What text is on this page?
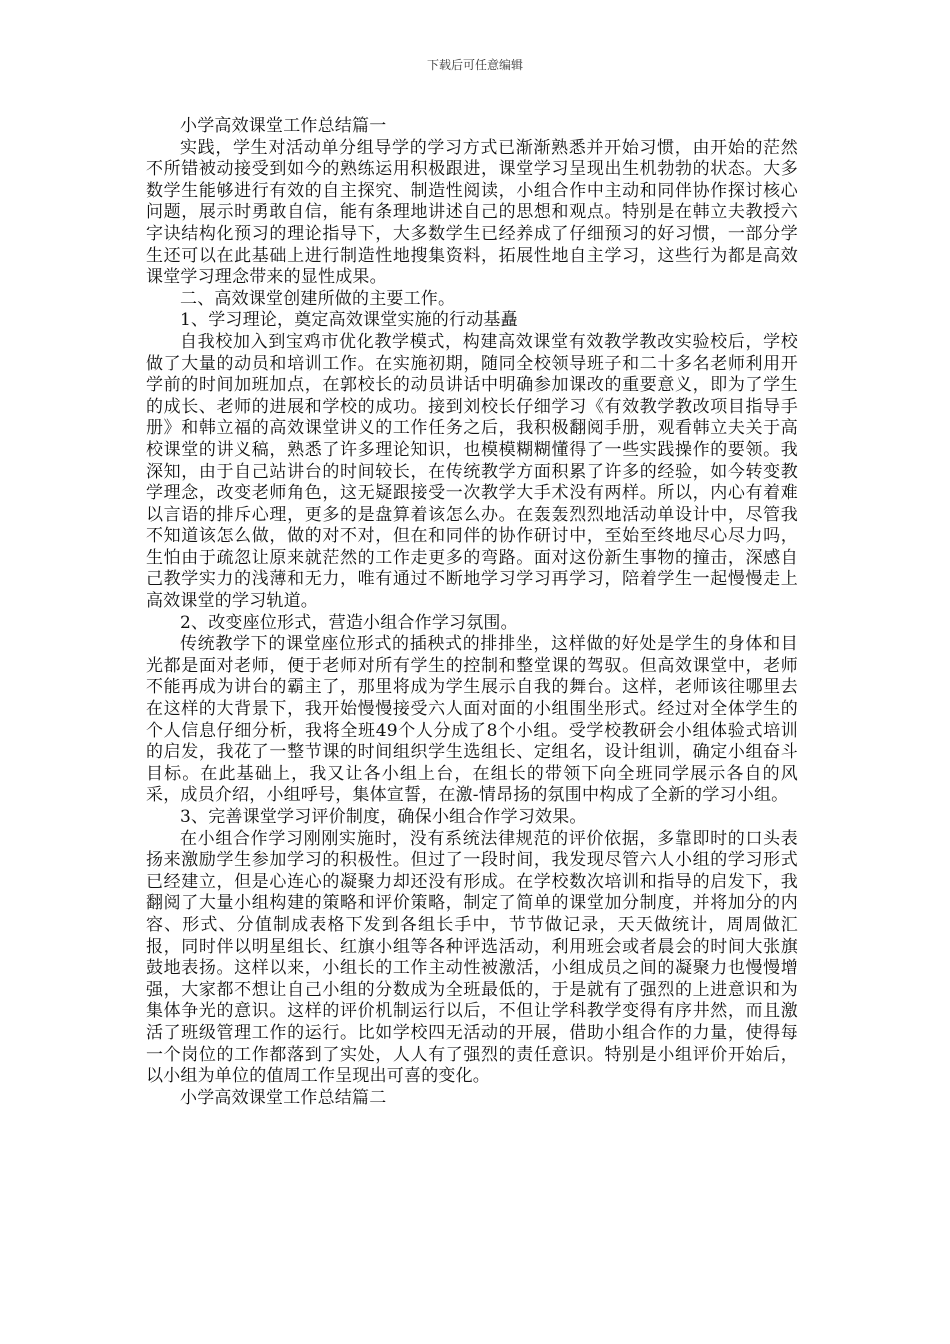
下载后可任意编辑

小学高效课堂工作总结篇一

实践，学生对活动单分组导学的学习方式已渐渐熟悉并开始习惯，由开始的茫然不所错被动接受到如今的熟练运用积极跟进，课堂学习呈现出生机勃勃的状态。大多数学生能够进行有效的自主探究、制造性阅读，小组合作中主动和同伴协作探讨核心问题，展示时勇敢自信，能有条理地讲述自己的思想和观点。特别是在韩立夫教授六字诀结构化预习的理论指导下，大多数学生已经养成了仔细预习的好习惯，一部分学生还可以在此基础上进行制造性地搜集资料，拓展性地自主学习，这些行为都是高效课堂学习理念带来的显性成果。

二、高效课堂创建所做的主要工作。

1、学习理论，奠定高效课堂实施的行动基矗

自我校加入到宝鸡市优化教学模式，构建高效课堂有效教学教改实验校后，学校做了大量的动员和培训工作。在实施初期，随同全校领导班子和二十多名老师利用开学前的时间加班加点，在郭校长的动员讲话中明确参加课改的重要意义，即为了学生的成长、老师的进展和学校的成功。接到刘校长仔细学习《有效教学教改项目指导手册》和韩立福的高效课堂讲义的工作任务之后，我积极翻阅手册，观看韩立夫关于高校课堂的讲义稿，熟悉了许多理论知识，也模模糊糊懂得了一些实践操作的要领。我深知，由于自己站讲台的时间较长，在传统教学方面积累了许多的经验，如今转变教学理念，改变老师角色，这无疑跟接受一次教学大手术没有两样。所以，内心有着难以言语的排斥心理，更多的是盘算着该怎么办。在轰轰烈烈地活动单设计中，尽管我不知道该怎么做，做的对不对，但在和同伴的协作研讨中，至始至终地尽心尽力吗，生怕由于疏忽让原来就茫然的工作走更多的弯路。面对这份新生事物的撞击，深感自己教学实力的浅薄和无力，唯有通过不断地学习学习再学习，陪着学生一起慢慢走上高效课堂的学习轨道。

2、改变座位形式，营造小组合作学习氛围。

传统教学下的课堂座位形式的插秧式的排排坐，这样做的好处是学生的身体和目光都是面对老师，便于老师对所有学生的控制和整堂课的驾驭。但高效课堂中，老师不能再成为讲台的霸主了，那里将成为学生展示自我的舞台。这样，老师该往哪里去在这样的大背景下，我开始慢慢接受六人面对面的小组围坐形式。经过对全体学生的个人信息仔细分析，我将全班49个人分成了8个小组。受学校教研会小组体验式培训的启发，我花了一整节课的时间组织学生选组长、定组名，设计组训，确定小组奋斗目标。在此基础上，我又让各小组上台，在组长的带领下向全班同学展示各自的风采，成员介绍，小组呼号，集体宣誓，在激-情昂扬的氛围中构成了全新的学习小组。

3、完善课堂学习评价制度，确保小组合作学习效果。

在小组合作学习刚刚实施时，没有系统法律规范的评价依据，多靠即时的口头表扬来激励学生参加学习的积极性。但过了一段时间，我发现尽管六人小组的学习形式已经建立，但是心连心的凝聚力却还没有形成。在学校数次培训和指导的启发下，我翻阅了大量小组构建的策略和评价策略，制定了简单的课堂加分制度，并将加分的内容、形式、分值制成表格下发到各组长手中，节节做记录，天天做统计，周周做汇报，同时伴以明星组长、红旗小组等各种评选活动，利用班会或者晨会的时间大张旗鼓地表扬。这样以来，小组长的工作主动性被激活，小组成员之间的凝聚力也慢慢增强，大家都不想让自己小组的分数成为全班最低的，于是就有了强烈的上进意识和为集体争光的意识。这样的评价机制运行以后，不但让学科教学变得有序井然，而且激活了班级管理工作的运行。比如学校四无活动的开展，借助小组合作的力量，使得每一个岗位的工作都落到了实处，人人有了强烈的责任意识。特别是小组评价开始后，以小组为单位的值周工作呈现出可喜的变化。

小学高效课堂工作总结篇二
